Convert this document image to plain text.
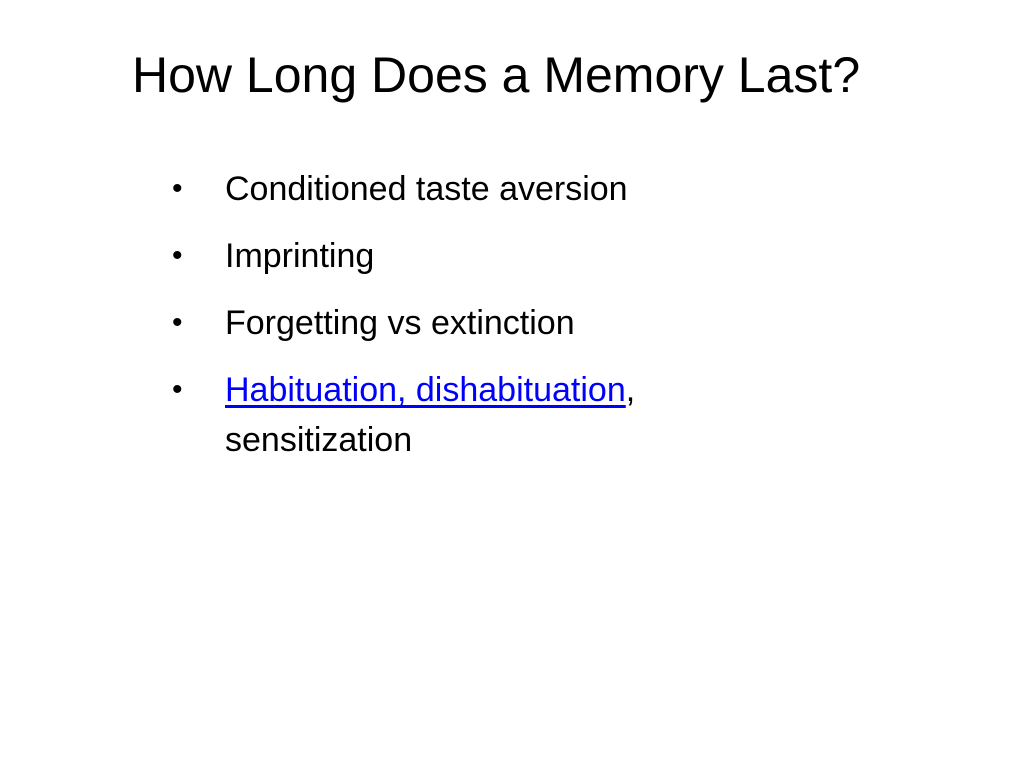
How Long Does a Memory Last?
• Conditioned taste aversion
• Imprinting
• Forgetting vs extinction
• Habituation, dishabituation,
sensitization
